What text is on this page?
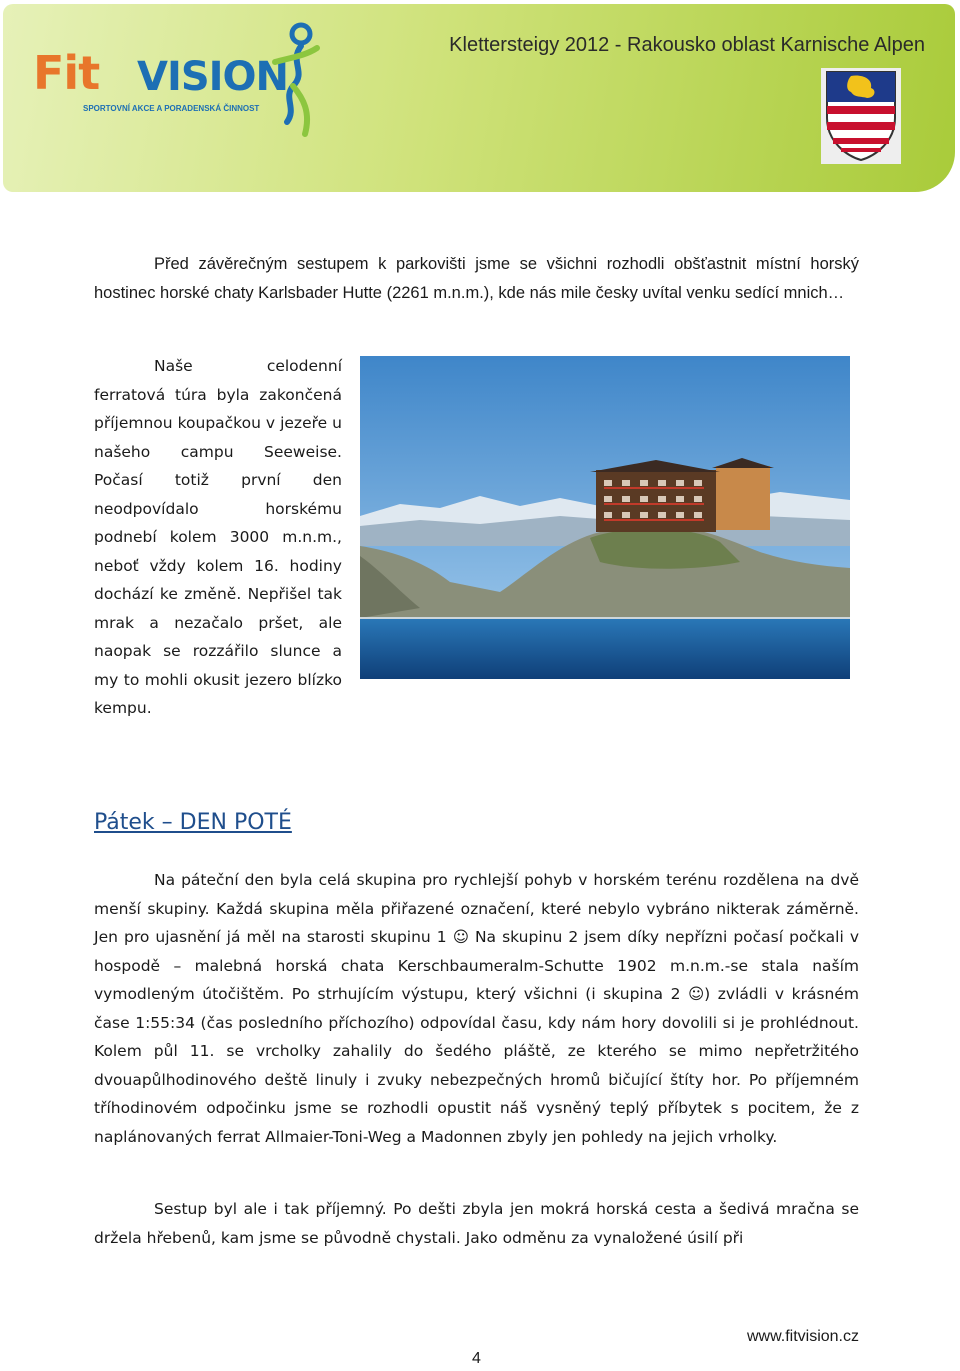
Fit VISION
SPORTOVNÍ AKCE A PORADENSKÁ ČINNOST
Klettersteigy 2012 - Rakousko oblast Karnische Alpen

Před závěrečným sestupem k parkovišti jsme se všichni rozhodli obšťastnit místní horský hostinec horské chaty Karlsbader Hutte (2261 m.n.m.), kde nás mile česky uvítal venku sedící mnich…

Naše celodenní ferratová túra byla zakončená příjemnou koupačkou v jezeře u našeho campu Seeweise. Počasí totiž první den neodpovídalo horskému podnebí kolem 3000 m.n.m., neboť vždy kolem 16. hodiny dochází ke změně. Nepřišel tak mrak a nezačalo pršet, ale naopak se rozzářilo slunce a my to mohli okusit jezero blízko kempu.

Pátek – DEN POTÉ

Na páteční den byla celá skupina pro rychlejší pohyb v horském terénu rozdělena na dvě menší skupiny. Každá skupina měla přiřazené označení, které nebylo vybráno nikterak záměrně. Jen pro ujasnění já měl na starosti skupinu 1 ☺ Na skupinu 2 jsem díky nepřízni počasí počkali v hospodě – malebná horská chata Kerschbaumeralm-Schutte 1902 m.n.m.-se stala naším vymodleným útočištěm. Po strhujícím výstupu, který všichni (i skupina 2 ☺) zvládli v krásném čase 1:55:34 (čas posledního příchozího) odpovídal času, kdy nám hory dovolili si je prohlédnout. Kolem půl 11. se vrcholky zahalily do šedého pláště, ze kterého se mimo nepřetržitého dvouapůlhodinového deště linuly i zvuky nebezpečných hromů bičující štíty hor. Po příjemném tříhodinovém odpočinku jsme se rozhodli opustit náš vysněný teplý příbytek s pocitem, že z naplánovaných ferrat Allmaier-Toni-Weg a Madonnen zbyly jen pohledy na jejich vrholky.

Sestup byl ale i tak příjemný. Po dešti zbyla jen mokrá horská cesta a šedivá mračna se držela hřebenů, kam jsme se původně chystali. Jako odměnu za vynaložené úsilí při

www.fitvision.cz
4
